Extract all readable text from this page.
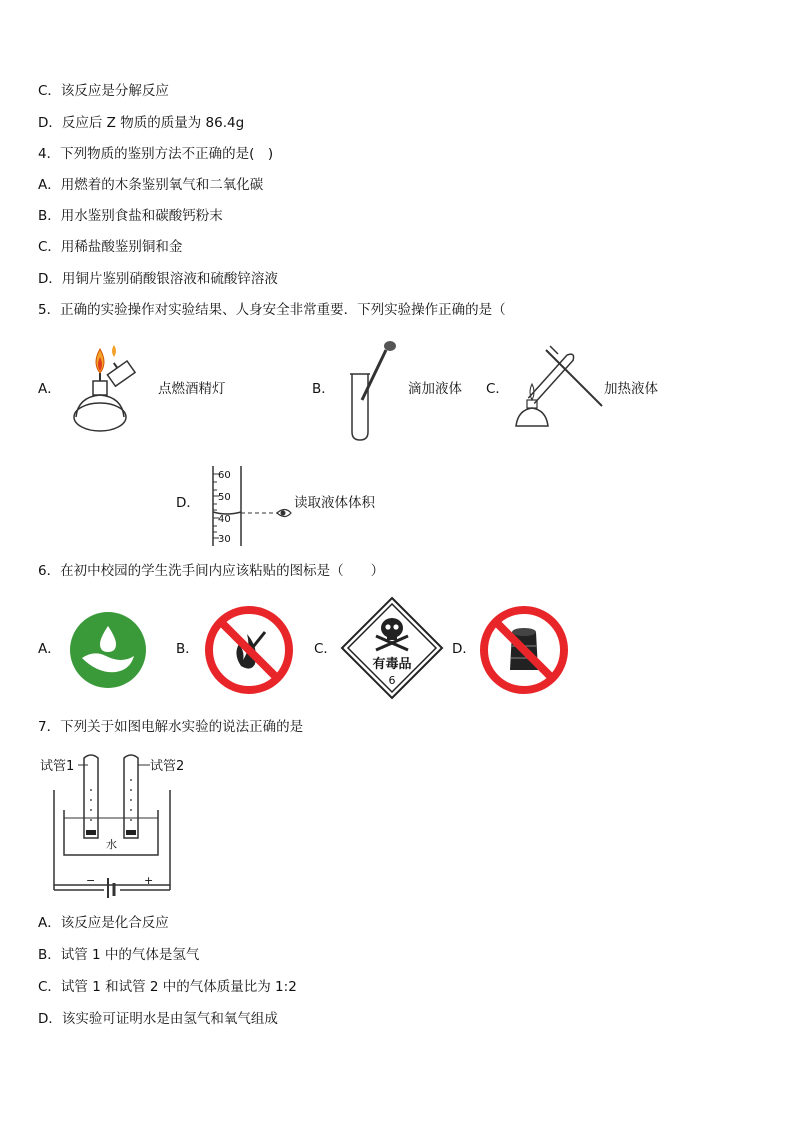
C．该反应是分解反应
D．反应后 Z 物质的质量为 86.4g
4．下列物质的鉴别方法不正确的是(　)
A．用燃着的木条鉴别氧气和二氧化碳
B．用水鉴别食盐和碳酸钙粉末
C．用稀盐酸鉴别铜和金
D．用铜片鉴别硝酸银溶液和硫酸锌溶液
5．正确的实验操作对实验结果、人身安全非常重要．下列实验操作正确的是（
A．	点燃酒精灯	B．	滴加液体 C．	加热液体
D．
60
50
40
30
读取液体体积
6．在初中校园的学生洗手间内应该粘贴的图标是（　　）
A．	B．	C．
有毒品
6
D．
7．下列关于如图电解水实验的说法正确的是
试管1	试管2
水
−	+
A．该反应是化合反应
B．试管 1 中的气体是氢气
C．试管 1 和试管 2 中的气体质量比为 1:2
D．该实验可证明水是由氢气和氧气组成
